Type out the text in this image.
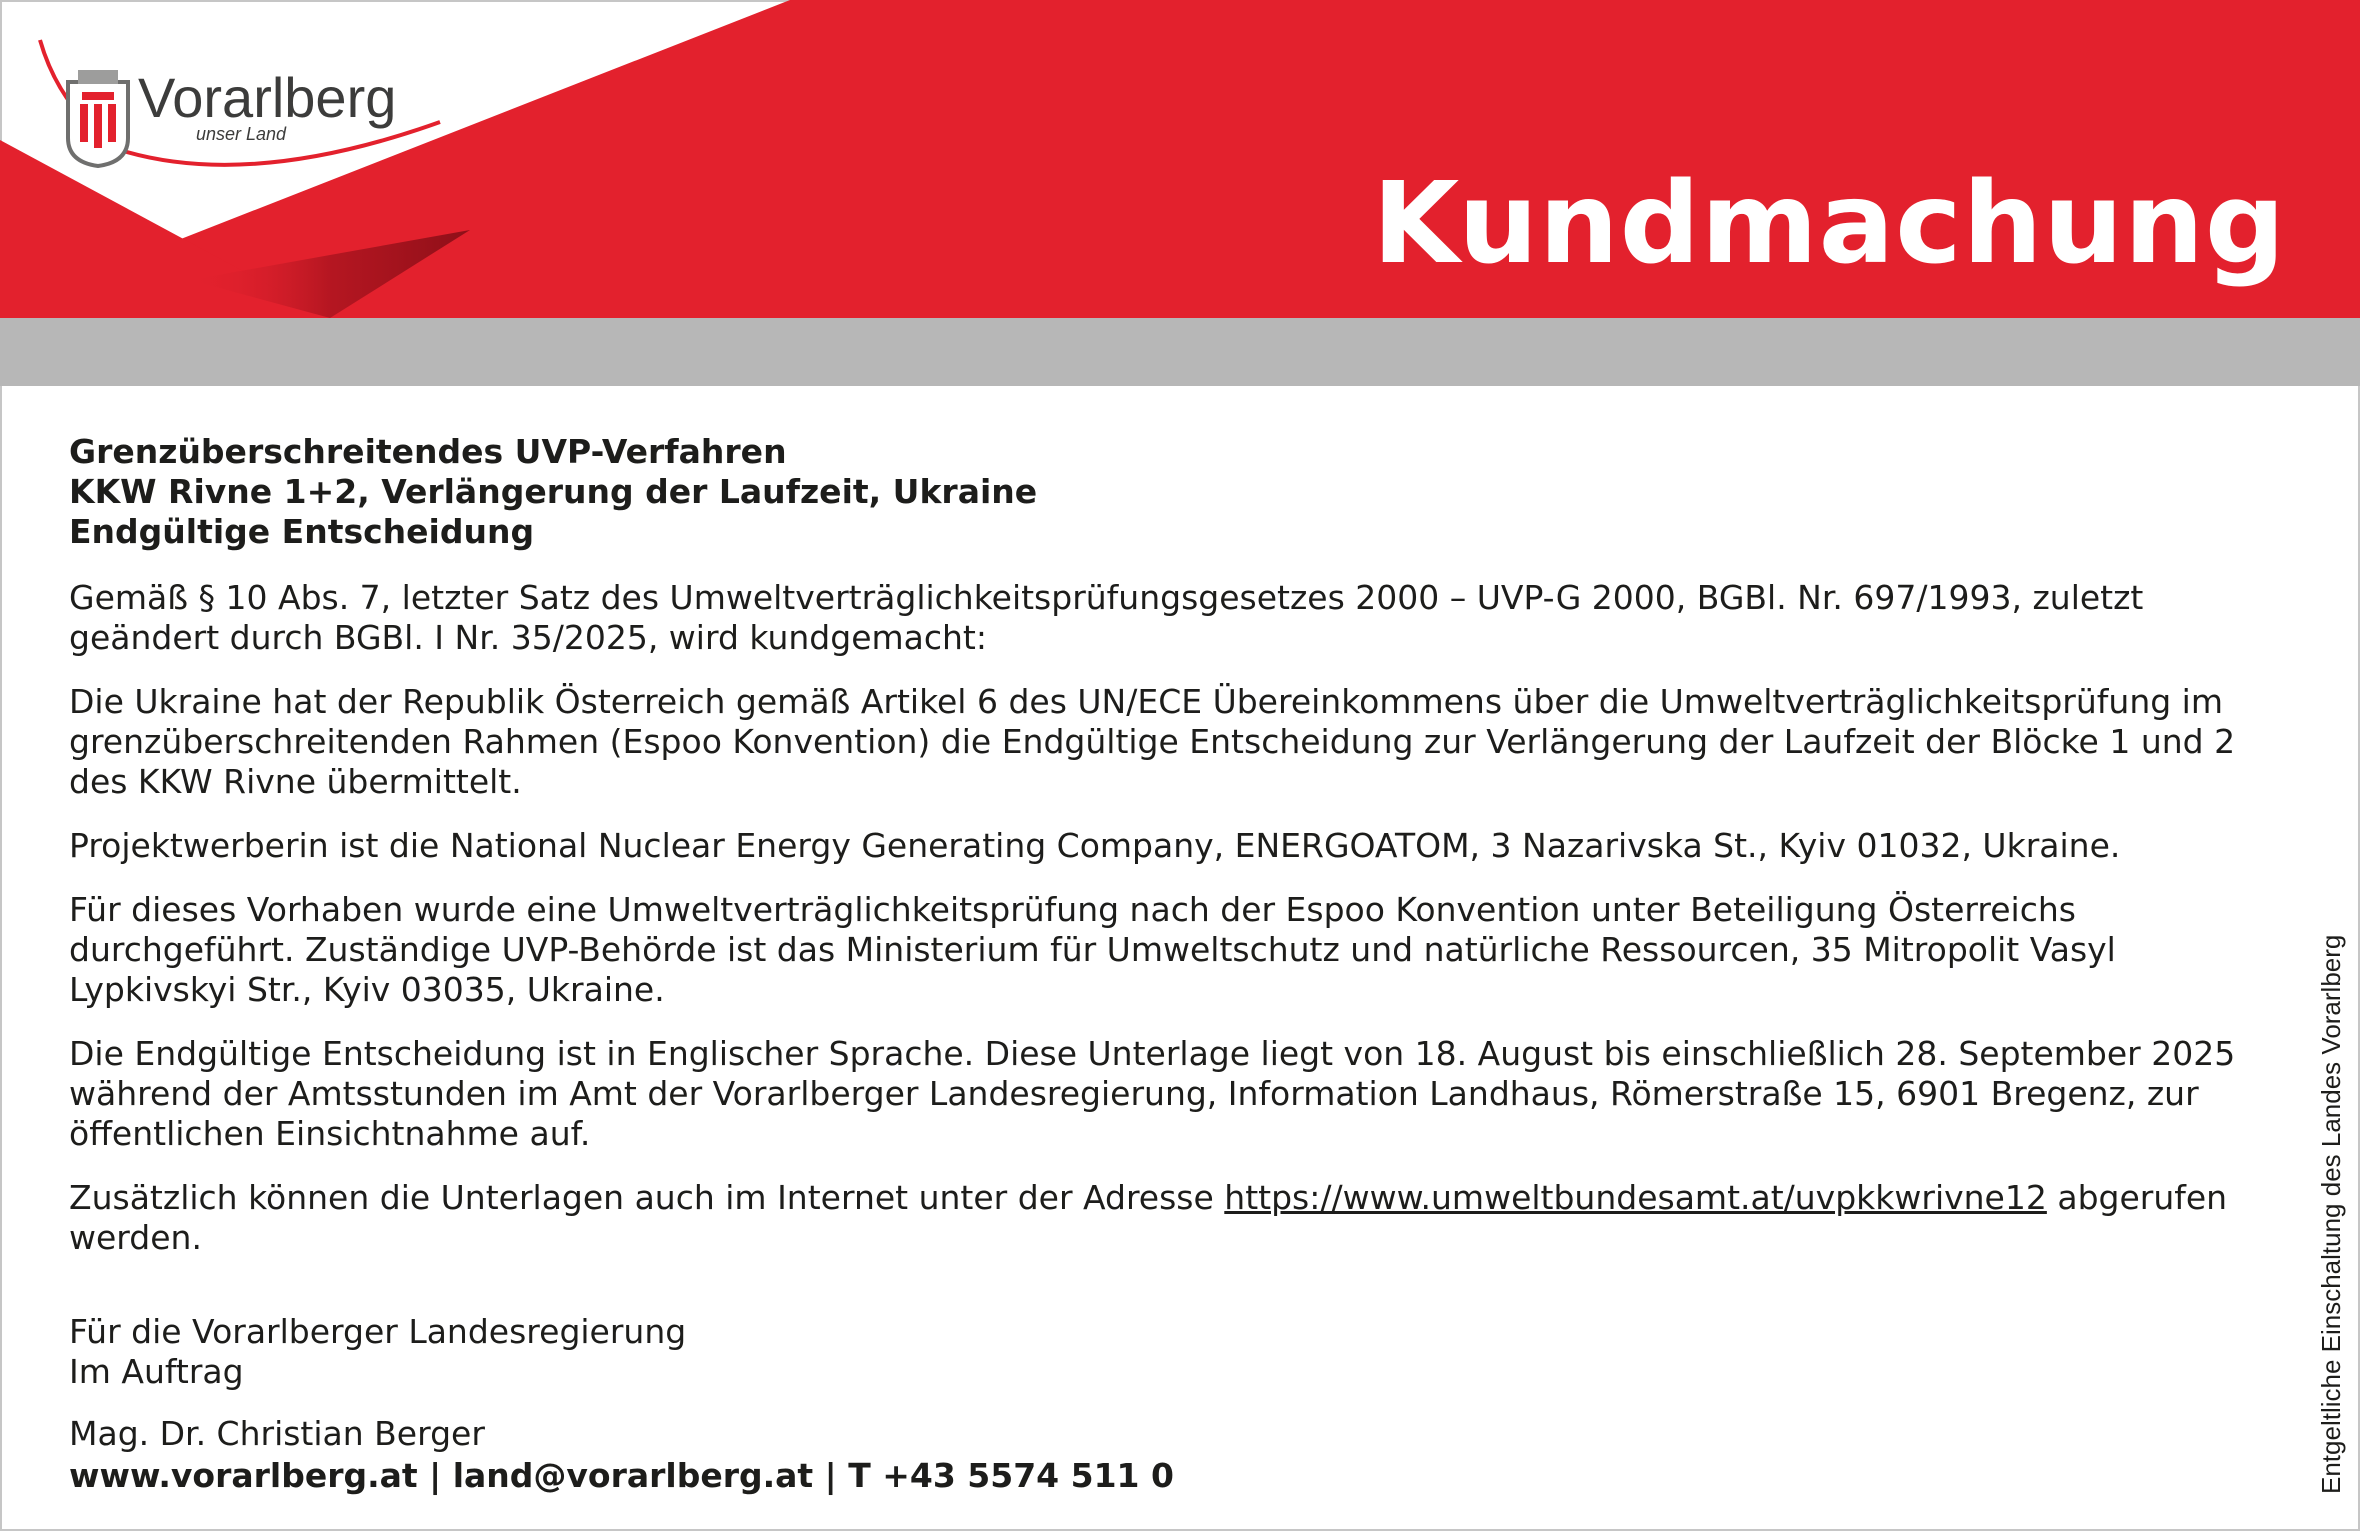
Vorarlberg
unser Land
Kundmachung
Grenzüberschreitendes UVP-Verfahren
KKW Rivne 1+2, Verlängerung der Laufzeit, Ukraine
Endgültige Entscheidung

Gemäß § 10 Abs. 7, letzter Satz des Umweltverträglichkeitsprüfungsgesetzes 2000 – UVP-G 2000, BGBl. Nr. 697/1993, zuletzt geändert durch BGBl. I Nr. 35/2025, wird kundgemacht:

Die Ukraine hat der Republik Österreich gemäß Artikel 6 des UN/ECE Übereinkommens über die Umweltverträglichkeitsprüfung im grenzüberschreitenden Rahmen (Espoo Konvention) die Endgültige Entscheidung zur Verlängerung der Laufzeit der Blöcke 1 und 2 des KKW Rivne übermittelt.

Projektwerberin ist die National Nuclear Energy Generating Company, ENERGOATOM, 3 Nazarivska St., Kyiv 01032, Ukraine.

Für dieses Vorhaben wurde eine Umweltverträglichkeitsprüfung nach der Espoo Konvention unter Beteiligung Österreichs durchgeführt. Zuständige UVP-Behörde ist das Ministerium für Umweltschutz und natürliche Ressourcen, 35 Mitropolit Vasyl Lypkivskyi Str., Kyiv 03035, Ukraine.

Die Endgültige Entscheidung ist in Englischer Sprache. Diese Unterlage liegt von 18. August bis einschließlich 28. September 2025 während der Amtsstunden im Amt der Vorarlberger Landesregierung, Information Landhaus, Römerstraße 15, 6901 Bregenz, zur öffentlichen Einsichtnahme auf.

Zusätzlich können die Unterlagen auch im Internet unter der Adresse https://www.umweltbundesamt.at/uvpkkwrivne12 abgerufen werden.

Für die Vorarlberger Landesregierung
Im Auftrag
Mag. Dr. Christian Berger
www.vorarlberg.at | land@vorarlberg.at | T +43 5574 511 0	Entgeltliche Einschaltung des Landes Vorarlberg
